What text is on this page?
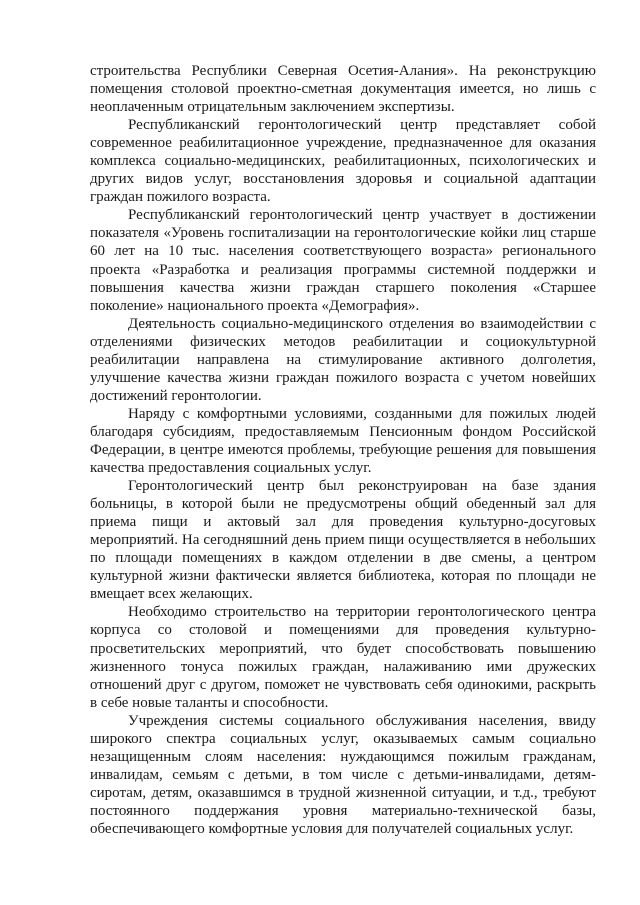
строительства Республики Северная Осетия-Алания». На реконструкцию помещения столовой проектно-сметная документация имеется, но лишь с неоплаченным отрицательным заключением экспертизы.

Республиканский геронтологический центр представляет собой современное реабилитационное учреждение, предназначенное для оказания комплекса социально-медицинских, реабилитационных, психологических и других видов услуг, восстановления здоровья и социальной адаптации граждан пожилого возраста.

Республиканский геронтологический центр участвует в достижении показателя «Уровень госпитализации на геронтологические койки лиц старше 60 лет на 10 тыс. населения соответствующего возраста» регионального проекта «Разработка и реализация программы системной поддержки и повышения качества жизни граждан старшего поколения «Старшее поколение» национального проекта «Демография».

Деятельность социально-медицинского отделения во взаимодействии с отделениями физических методов реабилитации и социокультурной реабилитации направлена на стимулирование активного долголетия, улучшение качества жизни граждан пожилого возраста с учетом новейших достижений геронтологии.

Наряду с комфортными условиями, созданными для пожилых людей благодаря субсидиям, предоставляемым Пенсионным фондом Российской Федерации, в центре имеются проблемы, требующие решения для повышения качества предоставления социальных услуг.

Геронтологический центр был реконструирован на базе здания больницы, в которой были не предусмотрены общий обеденный зал для приема пищи и актовый зал для проведения культурно-досуговых мероприятий. На сегодняшний день прием пищи осуществляется в небольших по площади помещениях в каждом отделении в две смены, а центром культурной жизни фактически является библиотека, которая по площади не вмещает всех желающих.

Необходимо строительство на территории геронтологического центра корпуса со столовой и помещениями для проведения культурно-просветительских мероприятий, что будет способствовать повышению жизненного тонуса пожилых граждан, налаживанию ими дружеских отношений друг с другом, поможет не чувствовать себя одинокими, раскрыть в себе новые таланты и способности.

Учреждения системы социального обслуживания населения, ввиду широкого спектра социальных услуг, оказываемых самым социально незащищенным слоям населения: нуждающимся пожилым гражданам, инвалидам, семьям с детьми, в том числе с детьми-инвалидами, детям-сиротам, детям, оказавшимся в трудной жизненной ситуации, и т.д., требуют постоянного поддержания уровня материально-технической базы, обеспечивающего комфортные условия для получателей социальных услуг.
